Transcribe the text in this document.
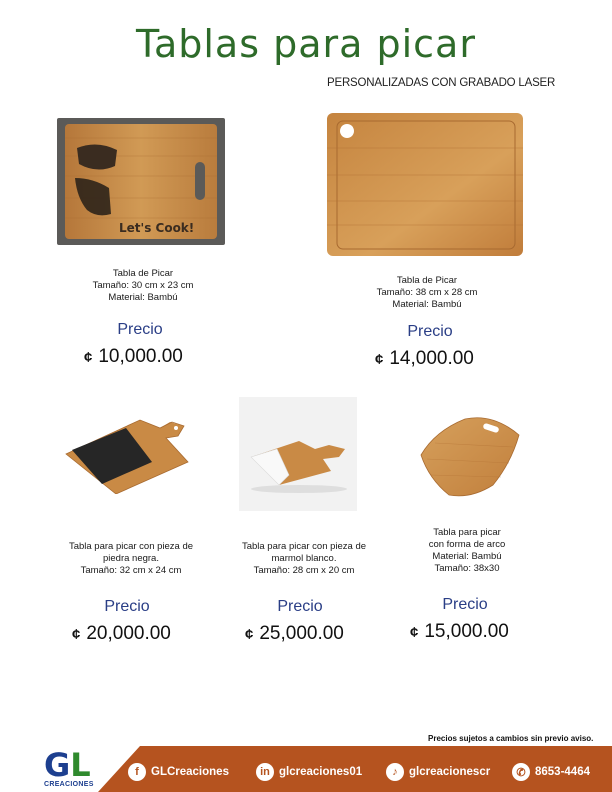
Tablas para picar
PERSONALIZADAS CON GRABADO LASER
Let's Cook!
Tabla de Picar
Tamaño: 30 cm x 23 cm
Material: Bambú
Precio
¢ 10,000.00
Tabla de Picar
Tamaño: 38 cm x 28 cm
Material: Bambú
Precio
¢ 14,000.00
Tabla para picar con pieza de
piedra negra.
Tamaño: 32 cm x 24 cm
Precio
¢ 20,000.00
Tabla para picar con pieza de
marmol blanco.
Tamaño: 28 cm x 20 cm
Precio
¢ 25,000.00
Tabla para picar
con forma de arco
Material: Bambú
Tamaño: 38x30
Precio
¢ 15,000.00
Precios sujetos a cambios sin previo aviso.
GL
CREACIONES
f	GLCreaciones	in glcreaciones01	♪ glcreacionescr	✆ 8653-4464
